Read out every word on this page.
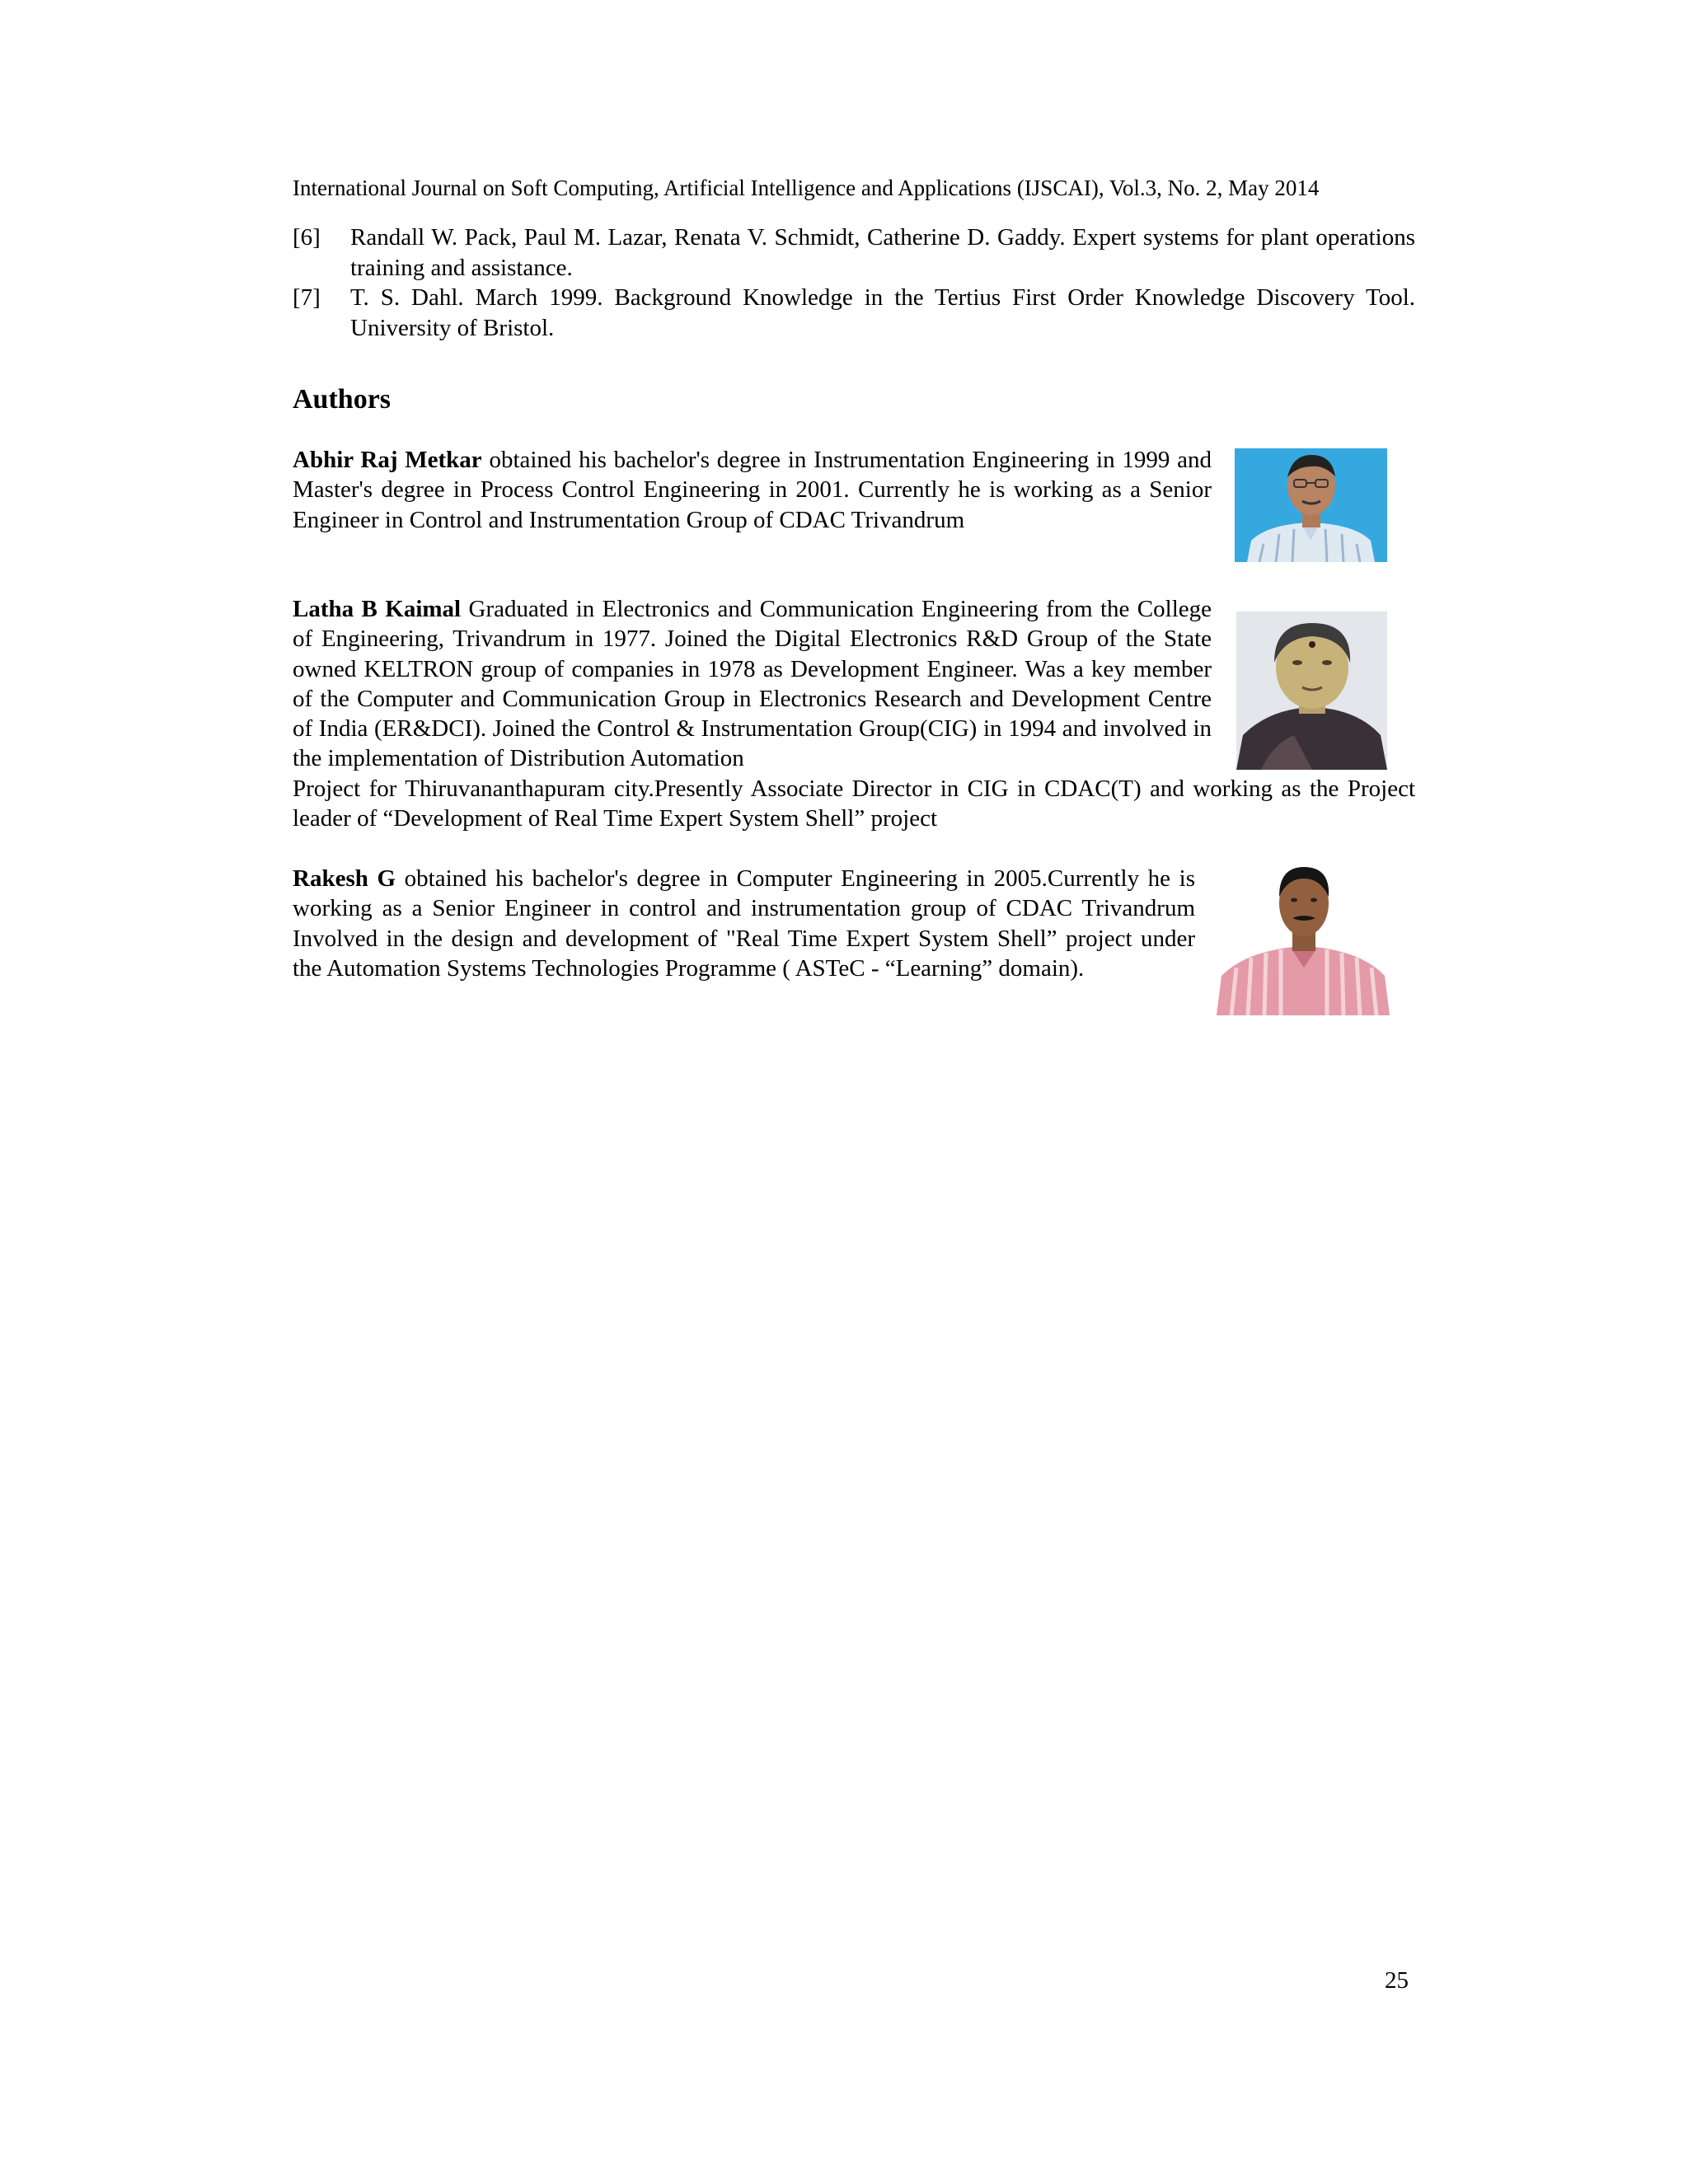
International Journal on Soft Computing, Artificial Intelligence and Applications (IJSCAI), Vol.3, No. 2, May 2014
[6] Randall W. Pack, Paul M. Lazar, Renata V. Schmidt, Catherine D. Gaddy. Expert systems for plant operations training and assistance.
[7] T. S. Dahl. March 1999. Background Knowledge in the Tertius First Order Knowledge Discovery Tool. University of Bristol.
Authors
Abhir Raj Metkar obtained his bachelor's degree in Instrumentation Engineering in 1999 and Master's degree in Process Control Engineering in 2001. Currently he is working as a Senior Engineer in Control and Instrumentation Group of CDAC Trivandrum
Latha B Kaimal Graduated in Electronics and Communication Engineering from the College of Engineering, Trivandrum in 1977. Joined the Digital Electronics R&D Group of the State owned KELTRON group of companies in 1978 as Development Engineer. Was a key member of the Computer and Communication Group in Electronics Research and Development Centre of India (ER&DCI). Joined the Control & Instrumentation Group(CIG) in 1994 and involved in the implementation of Distribution Automation
Project for Thiruvananthapuram city.Presently Associate Director in CIG in CDAC(T) and working as the Project leader of “Development of Real Time Expert System Shell” project
Rakesh G obtained his bachelor's degree in Computer Engineering in 2005.Currently he is working as a Senior Engineer in control and instrumentation group of CDAC Trivandrum Involved in the design and development of "Real Time Expert System Shell” project under the Automation Systems Technologies Programme ( ASTeC - “Learning” domain).
25
